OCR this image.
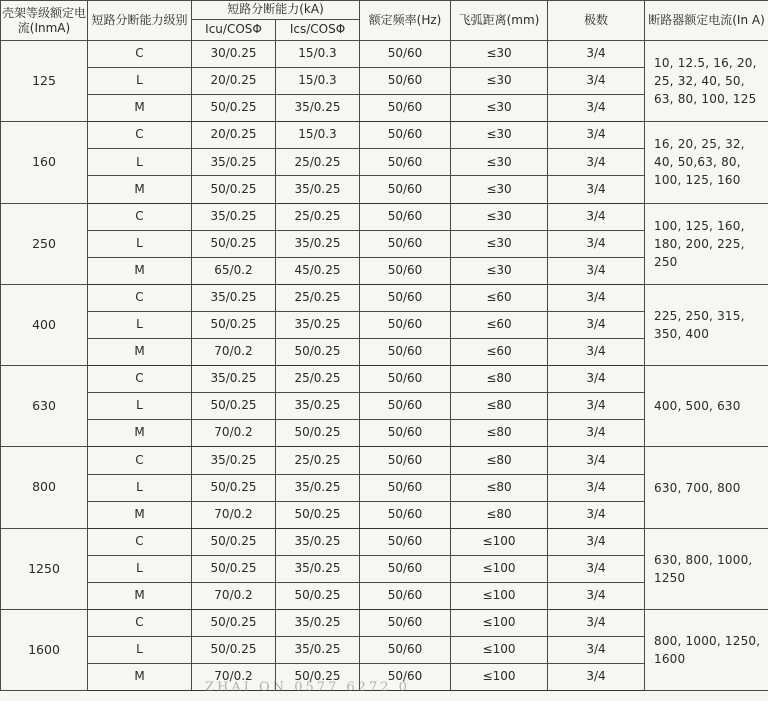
壳架等级额定电流(InmA)	短路分断能力级别	短路分断能力(kA)		额定频率(Hz)	飞弧距离(mm)	极数	断路器额定电流(In A)
		Icu/COSΦ	Ics/COSΦ				
125	C	30/0.25	15/0.3	50/60	≤30	3/4	10, 12.5, 16, 20, 25, 32, 40, 50, 63, 80, 100, 125
	L	20/0.25	15/0.3	50/60	≤30	3/4	
	M	50/0.25	35/0.25	50/60	≤30	3/4	
160	C	20/0.25	15/0.3	50/60	≤30	3/4	16, 20, 25, 32, 40, 50,63, 80, 100, 125, 160
	L	35/0.25	25/0.25	50/60	≤30	3/4	
	M	50/0.25	35/0.25	50/60	≤30	3/4	
250	C	35/0.25	25/0.25	50/60	≤30	3/4	100, 125, 160, 180, 200, 225, 250
	L	50/0.25	35/0.25	50/60	≤30	3/4	
	M	65/0.2	45/0.25	50/60	≤30	3/4	
400	C	35/0.25	25/0.25	50/60	≤60	3/4	225, 250, 315, 350, 400
	L	50/0.25	35/0.25	50/60	≤60	3/4	
	M	70/0.2	50/0.25	50/60	≤60	3/4	
630	C	35/0.25	25/0.25	50/60	≤80	3/4	400, 500, 630
	L	50/0.25	35/0.25	50/60	≤80	3/4	
	M	70/0.2	50/0.25	50/60	≤80	3/4	
800	C	35/0.25	25/0.25	50/60	≤80	3/4	630, 700, 800
	L	50/0.25	35/0.25	50/60	≤80	3/4	
	M	70/0.2	50/0.25	50/60	≤80	3/4	
1250	C	50/0.25	35/0.25	50/60	≤100	3/4	630, 800, 1000, 1250
	L	50/0.25	35/0.25	50/60	≤100	3/4	
	M	70/0.2	50/0.25	50/60	≤100	3/4	
1600	C	50/0.25	35/0.25	50/60	≤100	3/4	800, 1000, 1250, 1600
	L	50/0.25	35/0.25	50/60	≤100	3/4	
	M	70/0.2	50/0.25	50/60	≤100	3/4	
ZHAI ON 0577 6272 0
